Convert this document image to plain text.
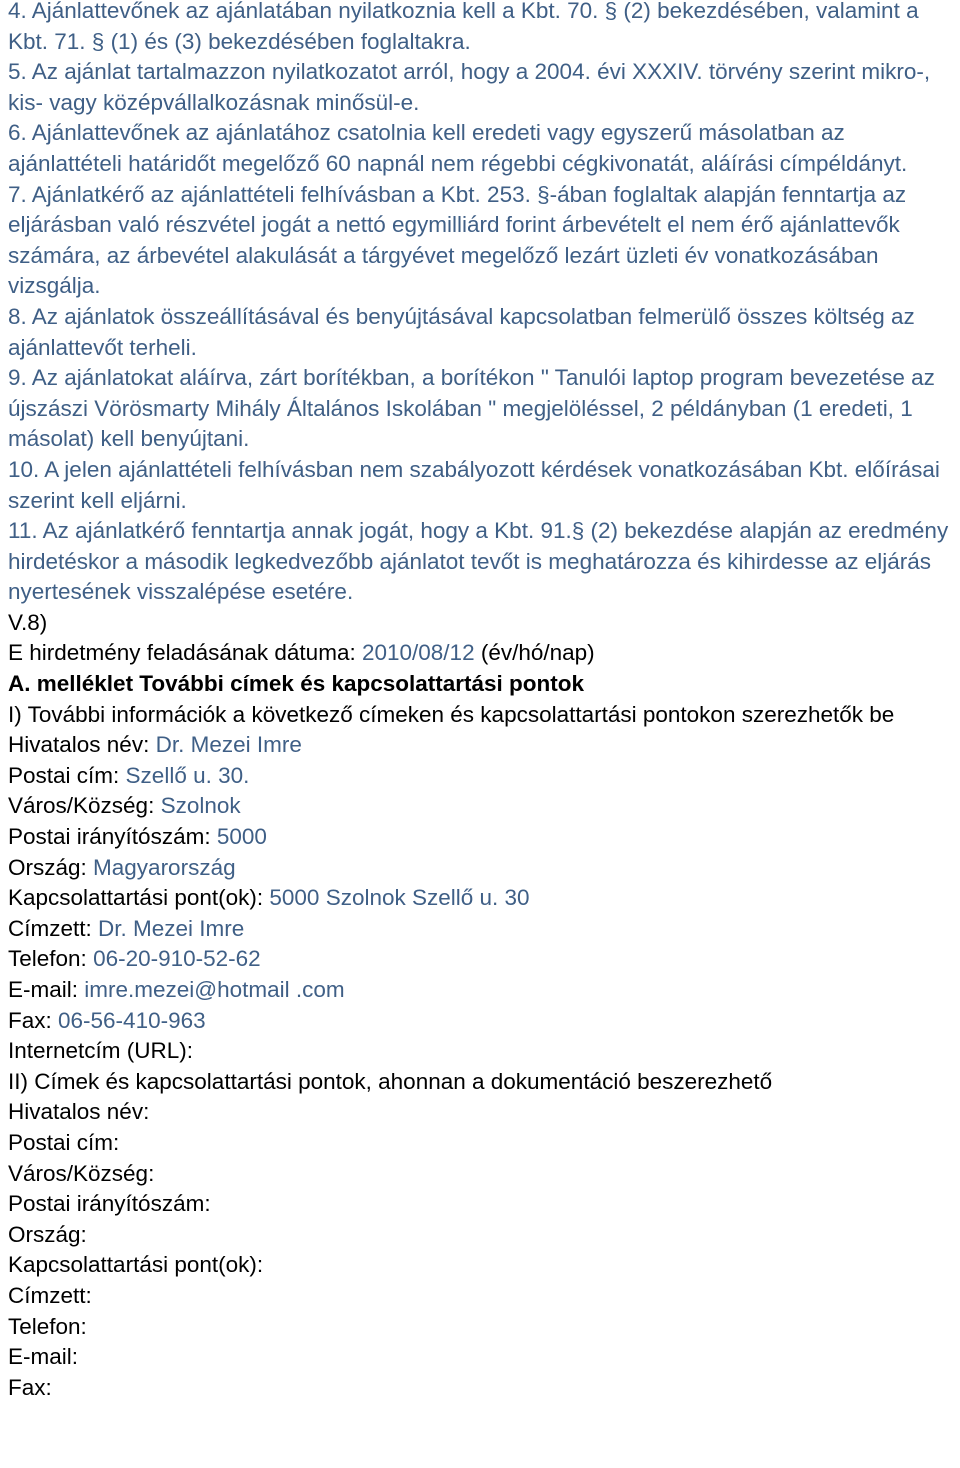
4. Ajánlattevőnek az ajánlatában nyilatkoznia kell a Kbt. 70. § (2) bekezdésében, valamint a Kbt. 71. § (1) és (3) bekezdésében foglaltakra.

5. Az ajánlat tartalmazzon nyilatkozatot arról, hogy a 2004. évi XXXIV. törvény szerint mikro-, kis- vagy középvállalkozásnak minősül-e.

6. Ajánlattevőnek az ajánlatához csatolnia kell eredeti vagy egyszerű másolatban az ajánlattételi határidőt megelőző 60 napnál nem régebbi cégkivonatát, aláírási címpéldányt.

7. Ajánlatkérő az ajánlattételi felhívásban a Kbt. 253. §-ában foglaltak alapján fenntartja az eljárásban való részvétel jogát a nettó egymilliárd forint árbevételt el nem érő ajánlattevők számára, az árbevétel alakulását a tárgyévet megelőző lezárt üzleti év vonatkozásában vizsgálja.

8. Az ajánlatok összeállításával és benyújtásával kapcsolatban felmerülő összes költség az ajánlattevőt terheli.

9. Az ajánlatokat aláírva, zárt borítékban, a borítékon " Tanulói laptop program bevezetése az újszászi Vörösmarty Mihály Általános Iskolában " megjelöléssel, 2 példányban (1 eredeti, 1 másolat) kell benyújtani.

10. A jelen ajánlattételi felhívásban nem szabályozott kérdések vonatkozásában Kbt. előírásai szerint kell eljárni.

11. Az ajánlatkérő fenntartja annak jogát, hogy a Kbt. 91.§ (2) bekezdése alapján az eredmény hirdetéskor a második legkedvezőbb ajánlatot tevőt is meghatározza és kihirdesse az eljárás nyertesének visszalépése esetére.

V.8)

E hirdetmény feladásának dátuma: 2010/08/12 (év/hó/nap)

A. melléklet További címek és kapcsolattartási pontok

I) További információk a következő címeken és kapcsolattartási pontokon szerezhetők be

Hivatalos név: Dr. Mezei Imre

Postai cím: Szellő u. 30.

Város/Község: Szolnok

Postai irányítószám: 5000

Ország: Magyarország

Kapcsolattartási pont(ok): 5000 Szolnok Szellő u. 30

Címzett: Dr. Mezei Imre

Telefon: 06-20-910-52-62

E-mail: imre.mezei@hotmail .com

Fax: 06-56-410-963

Internetcím (URL):

II) Címek és kapcsolattartási pontok, ahonnan a dokumentáció beszerezhető

Hivatalos név:

Postai cím:

Város/Község:

Postai irányítószám:

Ország:

Kapcsolattartási pont(ok):

Címzett:

Telefon:

E-mail:

Fax:
